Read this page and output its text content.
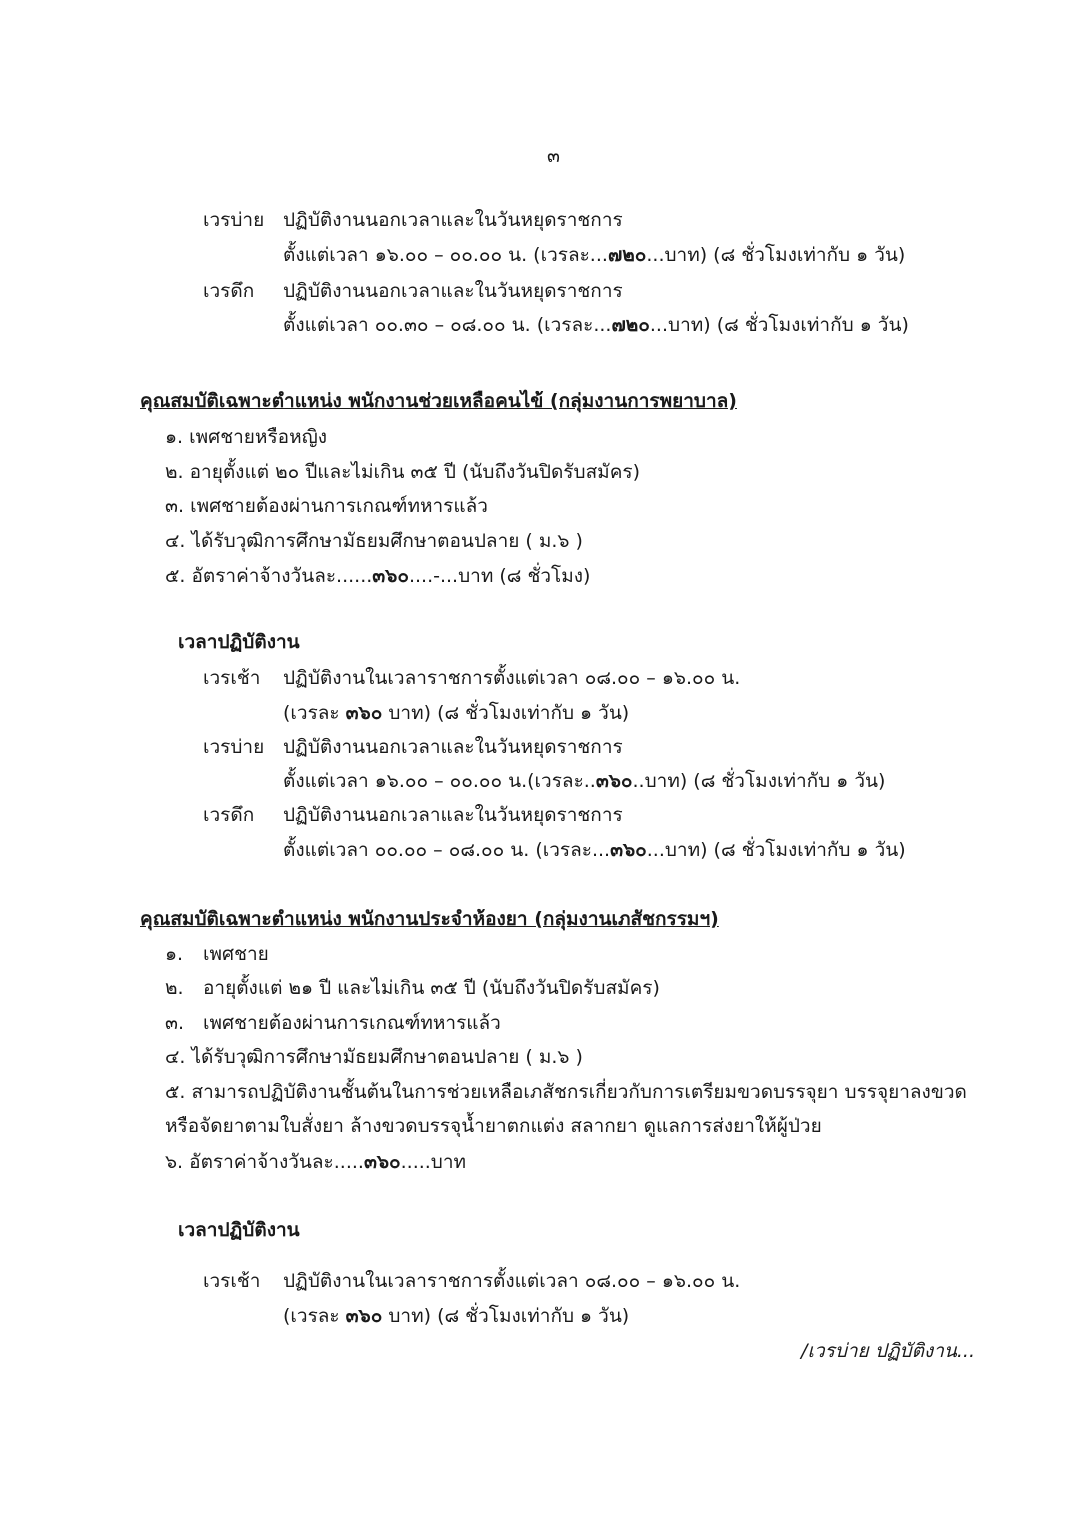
๓
เวรบ่าย ปฏิบัติงานนอกเวลาและในวันหยุดราชการ
ตั้งแต่เวลา ๑๖.๐๐ – ๐๐.๐๐ น. (เวรละ...๗๒๐...บาท) (๘ ชั่วโมงเท่ากับ ๑ วัน)
เวรดึก ปฏิบัติงานนอกเวลาและในวันหยุดราชการ
ตั้งแต่เวลา ๐๐.๓๐ – ๐๘.๐๐ น. (เวรละ...๗๒๐...บาท) (๘ ชั่วโมงเท่ากับ ๑ วัน)
คุณสมบัติเฉพาะตำแหน่ง พนักงานช่วยเหลือคนไข้ (กลุ่มงานการพยาบาล)
๑. เพศชายหรือหญิง
๒. อายุตั้งแต่ ๒๐ ปีและไม่เกิน ๓๕ ปี (นับถึงวันปิดรับสมัคร)
๓. เพศชายต้องผ่านการเกณฑ์ทหารแล้ว
๔. ได้รับวุฒิการศึกษามัธยมศึกษาตอนปลาย ( ม.๖ )
๕. อัตราค่าจ้างวันละ......๓๖๐....-...บาท (๘ ชั่วโมง)
เวลาปฏิบัติงาน
เวรเช้า ปฏิบัติงานในเวลาราชการตั้งแต่เวลา ๐๘.๐๐ – ๑๖.๐๐ น.
(เวรละ ๓๖๐ บาท) (๘ ชั่วโมงเท่ากับ ๑ วัน)
เวรบ่าย ปฏิบัติงานนอกเวลาและในวันหยุดราชการ
ตั้งแต่เวลา ๑๖.๐๐ – ๐๐.๐๐ น.(เวรละ..๓๖๐..บาท) (๘ ชั่วโมงเท่ากับ ๑ วัน)
เวรดึก ปฏิบัติงานนอกเวลาและในวันหยุดราชการ
ตั้งแต่เวลา ๐๐.๐๐ – ๐๘.๐๐ น. (เวรละ...๓๖๐...บาท) (๘ ชั่วโมงเท่ากับ ๑ วัน)
คุณสมบัติเฉพาะตำแหน่ง พนักงานประจำห้องยา (กลุ่มงานเภสัชกรรมฯ)
๑. เพศชาย
๒. อายุตั้งแต่ ๒๑ ปี และไม่เกิน ๓๕ ปี (นับถึงวันปิดรับสมัคร)
๓. เพศชายต้องผ่านการเกณฑ์ทหารแล้ว
๔. ได้รับวุฒิการศึกษามัธยมศึกษาตอนปลาย ( ม.๖ )
๕. สามารถปฏิบัติงานชั้นต้นในการช่วยเหลือเภสัชกรเกี่ยวกับการเตรียมขวดบรรจุยา บรรจุยาลงขวด
หรือจัดยาตามใบสั่งยา ล้างขวดบรรจุน้ำยาตกแต่ง สลากยา ดูแลการส่งยาให้ผู้ป่วย
๖. อัตราค่าจ้างวันละ.....๓๖๐.....บาท
เวลาปฏิบัติงาน
เวรเช้า ปฏิบัติงานในเวลาราชการตั้งแต่เวลา ๐๘.๐๐ – ๑๖.๐๐ น.
(เวรละ ๓๖๐ บาท) (๘ ชั่วโมงเท่ากับ ๑ วัน)
/เวรบ่าย ปฏิบัติงาน...
